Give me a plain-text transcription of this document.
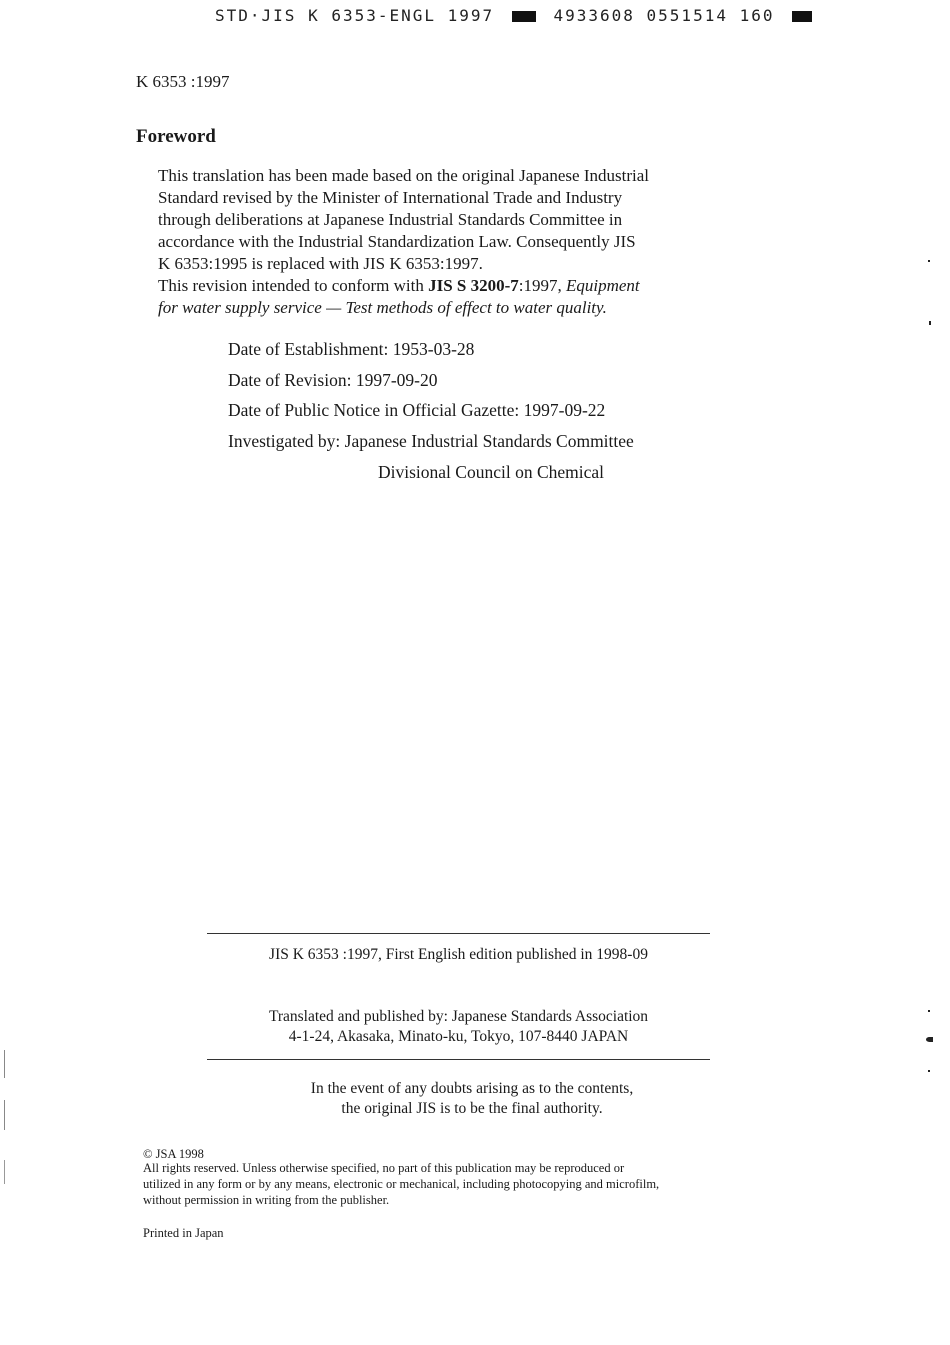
STD·JIS K 6353-ENGL 1997	4933608 0551514 160
K 6353 :1997
Foreword

This translation has been made based on the original Japanese Industrial

Standard revised by the Minister of International Trade and Industry

through deliberations at Japanese Industrial Standards Committee in

accordance with the Industrial Standardization Law. Consequently JIS

K 6353:1995 is replaced with JIS K 6353:1997.

This revision intended to conform with JIS S 3200-7:1997, Equipment

for water supply service — Test methods of effect to water quality.

Date of Establishment: 1953-03-28
Date of Revision: 1997-09-20
Date of Public Notice in Official Gazette: 1997-09-22
Investigated by: Japanese Industrial Standards Committee
Divisional Council on Chemical
JIS K 6353 :1997, First English edition published in 1998-09
Translated and published by: Japanese Standards Association
4-1-24, Akasaka, Minato-ku, Tokyo, 107-8440 JAPAN
In the event of any doubts arising as to the contents,
the original JIS is to be the final authority.
© JSA 1998
All rights reserved. Unless otherwise specified, no part of this publication may be reproduced or
utilized in any form or by any means, electronic or mechanical, including photocopying and microfilm,
without permission in writing from the publisher.
Printed in Japan
